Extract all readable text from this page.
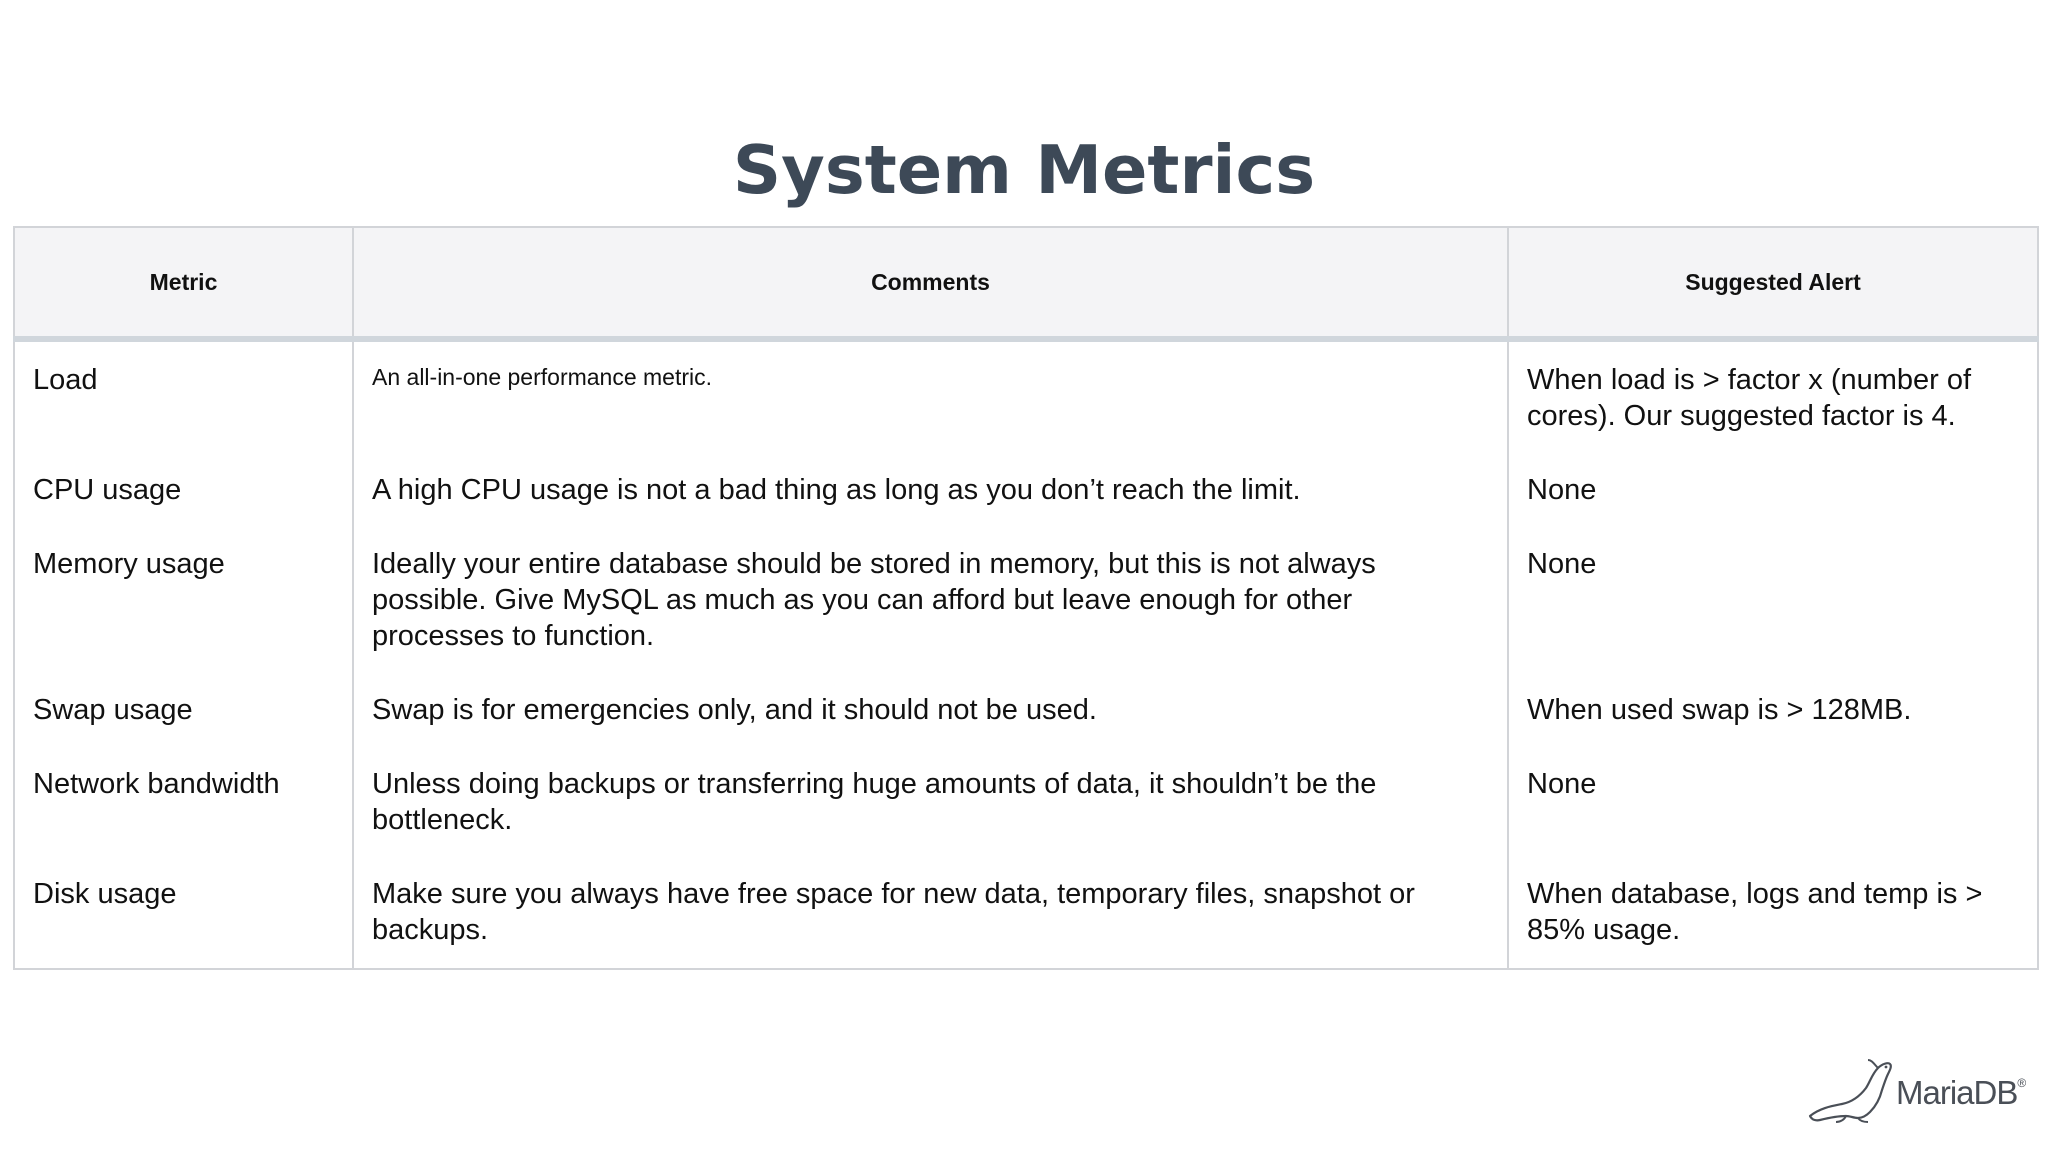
System Metrics
Metric	Comments	Suggested Alert
Load	An all-in-one performance metric.	When load is > factor x (number of cores). Our suggested factor is 4.
CPU usage	A high CPU usage is not a bad thing as long as you don’t reach the limit.	None
Memory usage	Ideally your entire database should be stored in memory, but this is not always possible. Give MySQL as much as you can afford but leave enough for other processes to function.	None
Swap usage	Swap is for emergencies only, and it should not be used.	When used swap is > 128MB.
Network bandwidth	Unless doing backups or transferring huge amounts of data, it shouldn’t be the bottleneck.	None
Disk usage	Make sure you always have free space for new data, temporary files, snapshot or backups.	When database, logs and temp is > 85% usage.
MariaDB®
